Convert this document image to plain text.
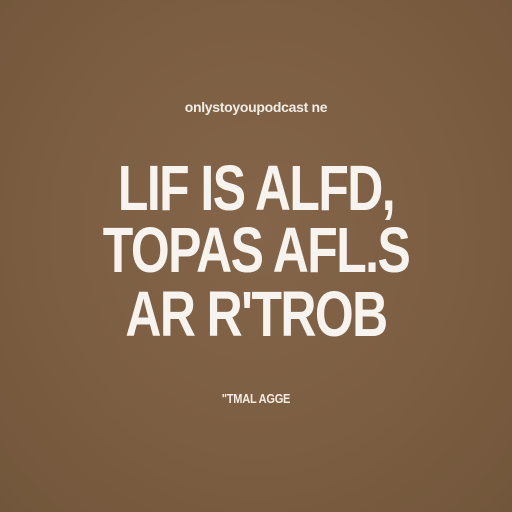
onlystoyoupodcast ne
LIF IS ALFD,
TOPAS AFL.S
AR R'TROB
"TMAL AGGE
